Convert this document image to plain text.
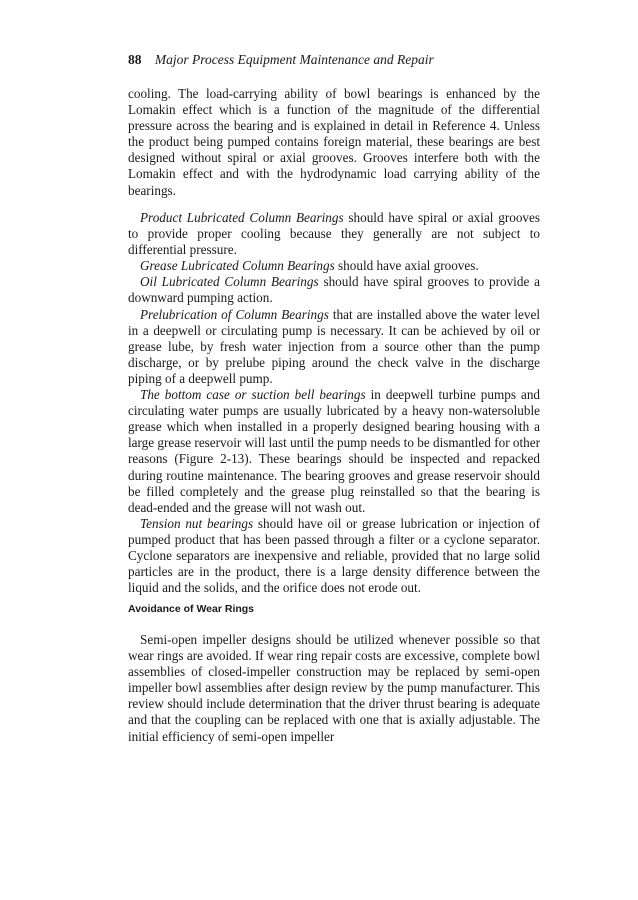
88 Major Process Equipment Maintenance and Repair

cooling. The load-carrying ability of bowl bearings is enhanced by the Lomakin effect which is a function of the magnitude of the differential pressure across the bearing and is explained in detail in Reference 4. Unless the product being pumped contains foreign material, these bearings are best designed without spiral or axial grooves. Grooves interfere both with the Lomakin effect and with the hydrodynamic load carrying ability of the bearings.

Product Lubricated Column Bearings should have spiral or axial grooves to provide proper cooling because they generally are not subject to differential pressure.

Grease Lubricated Column Bearings should have axial grooves.

Oil Lubricated Column Bearings should have spiral grooves to provide a downward pumping action.

Prelubrication of Column Bearings that are installed above the water level in a deepwell or circulating pump is necessary. It can be achieved by oil or grease lube, by fresh water injection from a source other than the pump discharge, or by prelube piping around the check valve in the discharge piping of a deepwell pump.

The bottom case or suction bell bearings in deepwell turbine pumps and circulating water pumps are usually lubricated by a heavy non-watersoluble grease which when installed in a properly designed bearing housing with a large grease reservoir will last until the pump needs to be dismantled for other reasons (Figure 2-13). These bearings should be inspected and repacked during routine maintenance. The bearing grooves and grease reservoir should be filled completely and the grease plug reinstalled so that the bearing is dead-ended and the grease will not wash out.

Tension nut bearings should have oil or grease lubrication or injection of pumped product that has been passed through a filter or a cyclone separator. Cyclone separators are inexpensive and reliable, provided that no large solid particles are in the product, there is a large density difference between the liquid and the solids, and the orifice does not erode out.

Avoidance of Wear Rings

Semi-open impeller designs should be utilized whenever possible so that wear rings are avoided. If wear ring repair costs are excessive, complete bowl assemblies of closed-impeller construction may be replaced by semi-open impeller bowl assemblies after design review by the pump manufacturer. This review should include determination that the driver thrust bearing is adequate and that the coupling can be replaced with one that is axially adjustable. The initial efficiency of semi-open impeller
